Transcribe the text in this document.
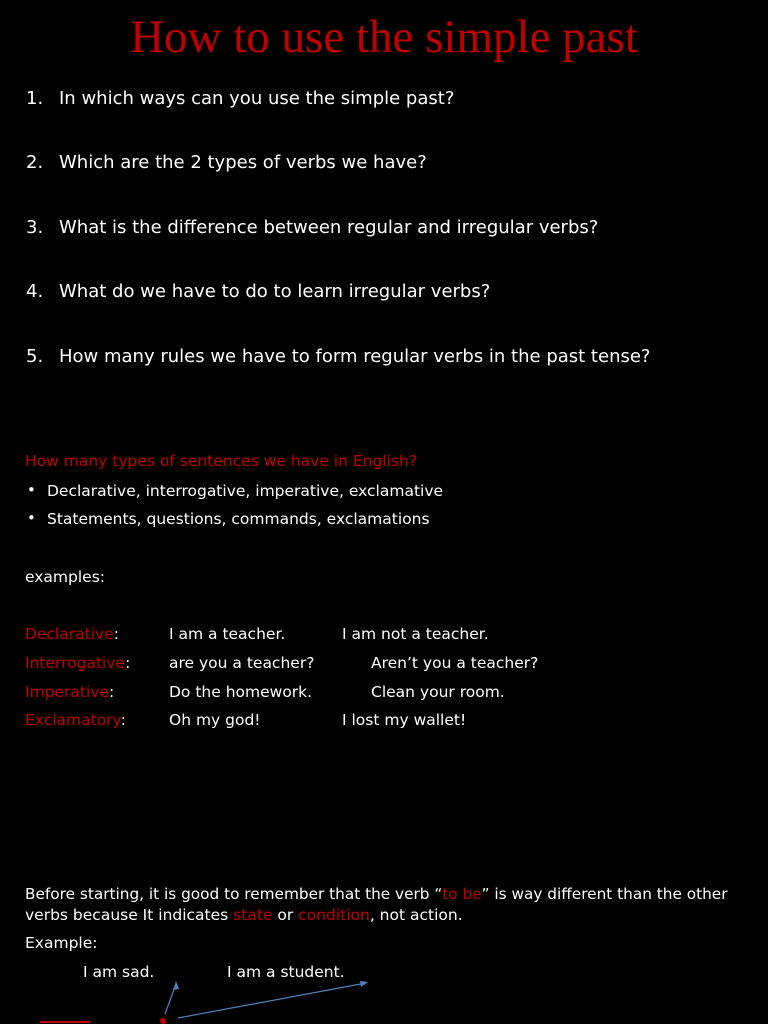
How to use the simple past
1. In which ways can you use the simple past?
2. Which are the 2 types of verbs we have?
3. What is the difference between regular and irregular verbs?
4. What do we have to do to learn irregular verbs?
5. How many rules we have to form regular verbs in the past tense?
How many types of sentences we have in English?
• Declarative, interrogative, imperative, exclamative
• Statements, questions, commands, exclamations
examples:
Declarative:	I am a teacher.	I am not a teacher.
Interrogative: are you a teacher?	Aren’t you a teacher?
Imperative:	Do the homework.	Clean your room.
Exclamatory:	Oh my god!	I lost my wallet!
Before starting, it is good to remember that the verb “to be” is way different than the other
verbs because It indicates state or condition, not action.
Example:
I am sad.	I am a student.
